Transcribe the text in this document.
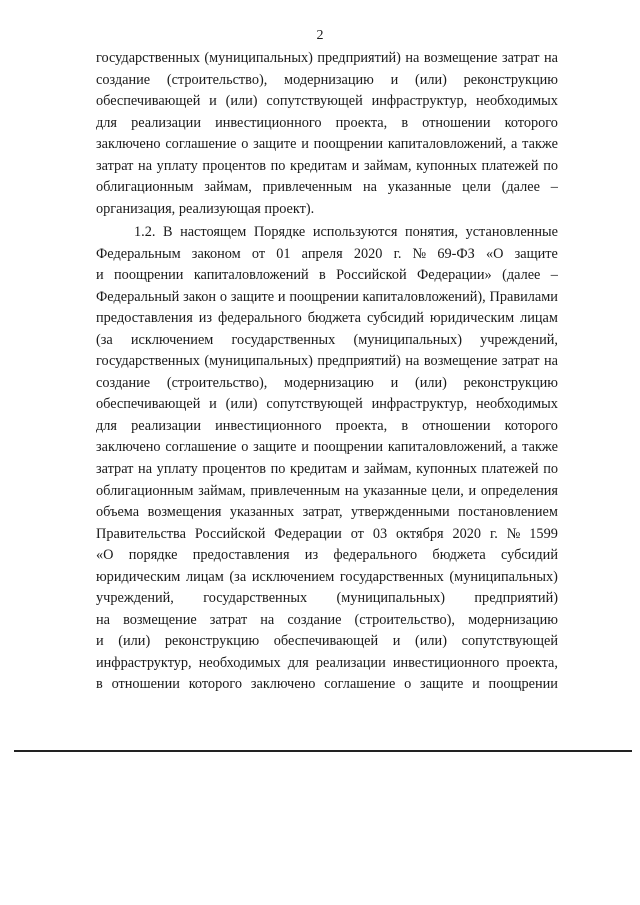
2
государственных (муниципальных) предприятий) на возмещение затрат на
создание (строительство), модернизацию и (или) реконструкцию
обеспечивающей и (или) сопутствующей инфраструктур, необходимых
для реализации инвестиционного проекта, в отношении которого
заключено соглашение о защите и поощрении капиталовложений, а также
затрат на уплату процентов по кредитам и займам, купонных платежей по
облигационным займам, привлеченным на указанные цели (далее –
организация, реализующая проект).
1.2. В настоящем Порядке используются понятия, установленные
Федеральным законом от 01 апреля 2020 г. № 69-ФЗ «О защите
и поощрении капиталовложений в Российской Федерации» (далее –
Федеральный закон о защите и поощрении капиталовложений), Правилами
предоставления из федерального бюджета субсидий юридическим лицам
(за исключением государственных (муниципальных) учреждений,
государственных (муниципальных) предприятий) на возмещение затрат на
создание (строительство), модернизацию и (или) реконструкцию
обеспечивающей и (или) сопутствующей инфраструктур, необходимых
для реализации инвестиционного проекта, в отношении которого
заключено соглашение о защите и поощрении капиталовложений, а также
затрат на уплату процентов по кредитам и займам, купонных платежей по
облигационным займам, привлеченным на указанные цели, и определения
объема возмещения указанных затрат, утвержденными постановлением
Правительства Российской Федерации от 03 октября 2020 г. № 1599
«О порядке предоставления из федерального бюджета субсидий
юридическим лицам (за исключением государственных (муниципальных)
учреждений, государственных (муниципальных) предприятий)
на возмещение затрат на создание (строительство), модернизацию
и (или) реконструкцию обеспечивающей и (или) сопутствующей
инфраструктур, необходимых для реализации инвестиционного проекта,
в отношении которого заключено соглашение о защите и поощрении
